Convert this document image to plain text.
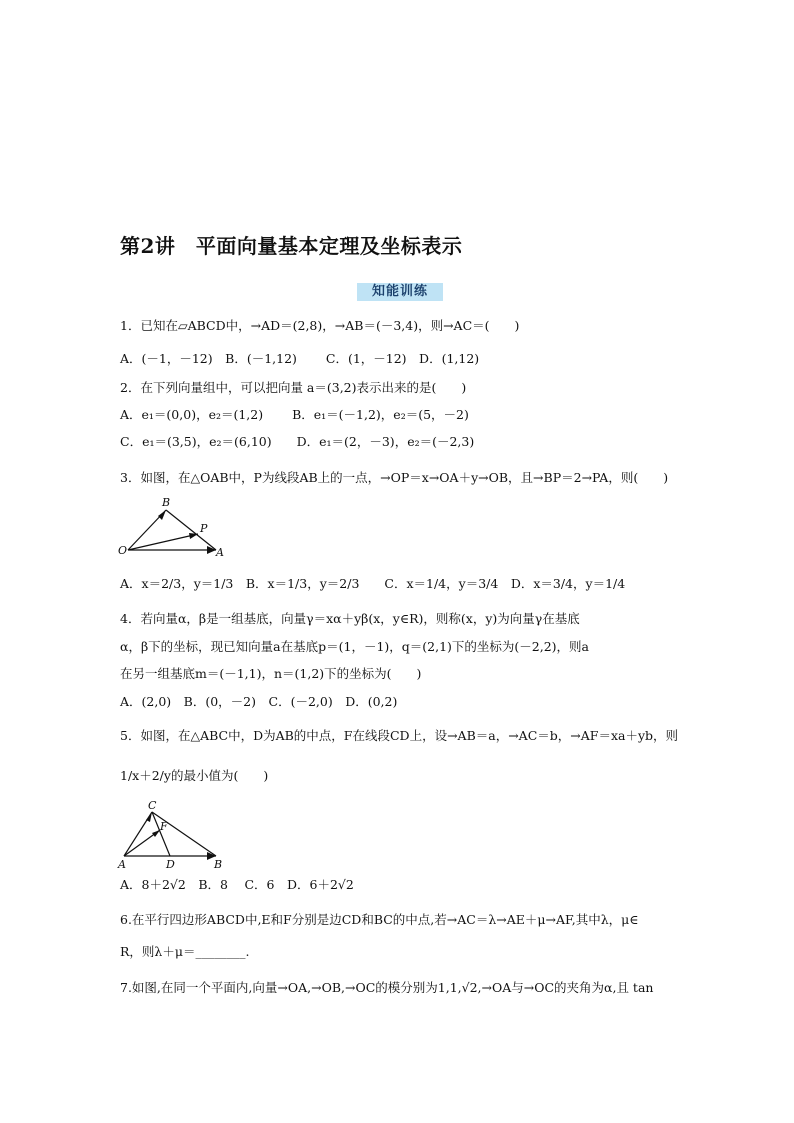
第2讲　平面向量基本定理及坐标表示
知能训练
1．已知在▱ABCD中，→AD＝(2,8)，→AB＝(－3,4)，则→AC＝(　　)
A．(－1，－12)　B．(－1,12)　　 C．(1，－12)　D．(1,12)
2．在下列向量组中，可以把向量 a＝(3,2)表示出来的是(　　)
A．e₁＝(0,0)，e₂＝(1,2)　　 B．e₁＝(－1,2)，e₂＝(5，－2)
C．e₁＝(3,5)，e₂＝(6,10)　　D．e₁＝(2，－3)，e₂＝(－2,3)
3．如图，在△OAB中，P为线段AB上的一点，→OP＝x→OA＋y→OB，且→BP＝2→PA，则(　　)
B
P
O	A
A．x＝2/3，y＝1/3　B．x＝1/3，y＝2/3　　C．x＝1/4，y＝3/4　D．x＝3/4，y＝1/4
4．若向量α，β是一组基底，向量γ＝xα＋yβ(x，y∈R)，则称(x，y)为向量γ在基底
α，β下的坐标，现已知向量a在基底p＝(1，－1)，q＝(2,1)下的坐标为(－2,2)，则a
在另一组基底m＝(－1,1)，n＝(1,2)下的坐标为(　　)
A．(2,0)　B．(0，－2)　C．(－2,0)　D．(0,2)
5．如图，在△ABC中，D为AB的中点，F在线段CD上，设→AB＝a，→AC＝b，→AF＝xa＋yb，则
1/x＋2/y的最小值为(　　)
C
F
A	D	B
A．8＋2√2　B．8　 C．6　D．6＋2√2
6.在平行四边形ABCD中,E和F分别是边CD和BC的中点,若→AC＝λ→AE＋μ→AF,其中λ，μ∈
R，则λ＋μ＝________.
7.如图,在同一个平面内,向量→OA,→OB,→OC的模分别为1,1,√2,→OA与→OC的夹角为α,且 tan
